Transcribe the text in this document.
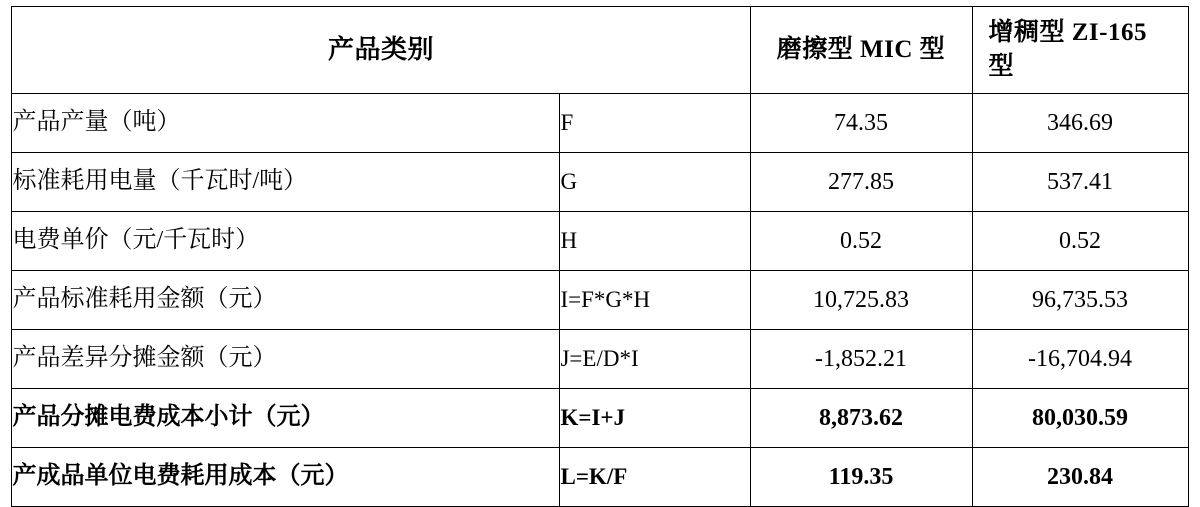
产品类别		磨擦型 MIC 型	增稠型 ZI-165 型
产品产量（吨）	F	74.35	346.69
标准耗用电量（千瓦时/吨）	G	277.85	537.41
电费单价（元/千瓦时）	H	0.52	0.52
产品标准耗用金额（元）	I=F*G*H	10,725.83	96,735.53
产品差异分摊金额（元）	J=E/D*I	-1,852.21	-16,704.94
产品分摊电费成本小计（元）	K=I+J	8,873.62	80,030.59
产成品单位电费耗用成本（元）	L=K/F	119.35	230.84
